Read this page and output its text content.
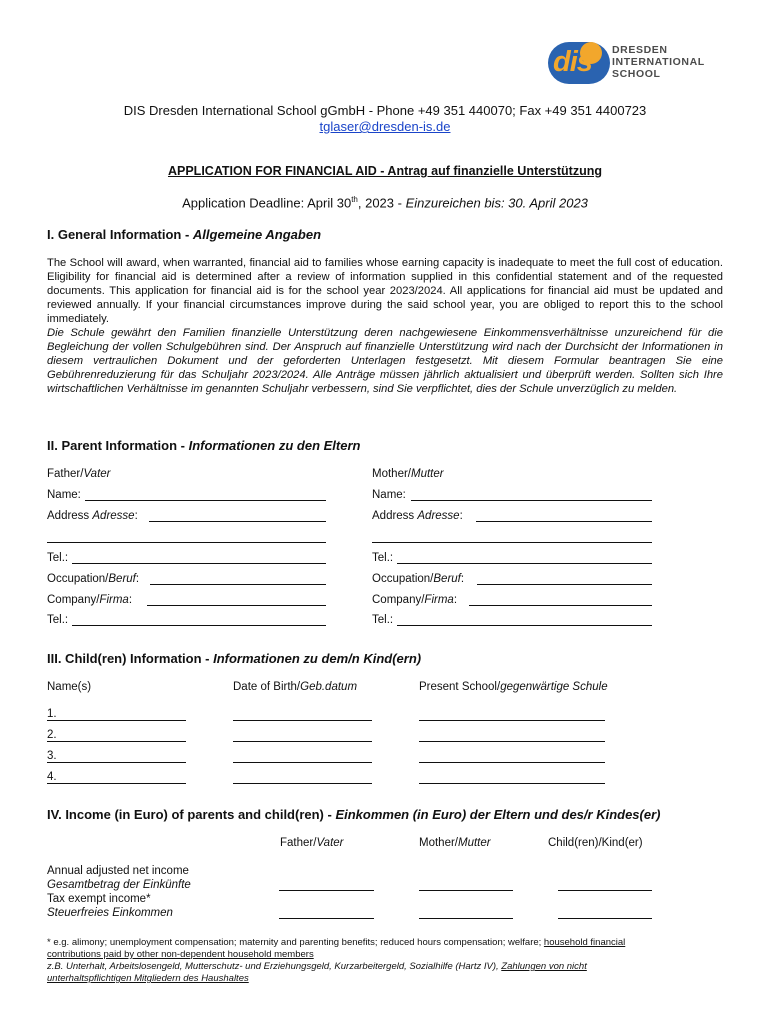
dis DRESDEN
INTERNATIONAL
SCHOOL
DIS Dresden International School gGmbH - Phone +49 351 440070; Fax +49 351 4400723
tglaser@dresden-is.de
APPLICATION FOR FINANCIAL AID - Antrag auf finanzielle Unterstützung
Application Deadline: April 30th, 2023 - Einzureichen bis: 30. April 2023
I. General Information - Allgemeine Angaben
The School will award, when warranted, financial aid to families whose earning capacity is inadequate to meet the full cost of education. Eligibility for financial aid is determined after a review of information supplied in this confidential statement and of the requested documents. This application for financial aid is for the school year 2023/2024. All applications for financial aid must be updated and reviewed annually. If your financial circumstances improve during the said school year, you are obliged to report this to the school immediately.
Die Schule gewährt den Familien finanzielle Unterstützung deren nachgewiesene Einkommensverhältnisse unzureichend für die Begleichung der vollen Schulgebühren sind. Der Anspruch auf finanzielle Unterstützung wird nach der Durchsicht der Informationen in diesem vertraulichen Dokument und der geforderten Unterlagen festgesetzt. Mit diesem Formular beantragen Sie eine Gebührenreduzierung für das Schuljahr 2023/2024. Alle Anträge müssen jährlich aktualisiert und überprüft werden. Sollten sich Ihre wirtschaftlichen Verhältnisse im genannten Schuljahr verbessern, sind Sie verpflichtet, dies der Schule unverzüglich zu melden.
II. Parent Information - Informationen zu den Eltern
Father/Vater
Name:
Address Adresse:
Tel.:
Occupation/Beruf:
Company/Firma:
Tel.:
Mother/Mutter
Name:
Address Adresse:
Tel.:
Occupation/Beruf:
Company/Firma:
Tel.:
III. Child(ren) Information - Informationen zu dem/n Kind(ern)
Name(s)	Date of Birth/Geb.datum	Present School/gegenwärtige Schule
1.
2.
3.
4.
IV. Income (in Euro) of parents and child(ren) - Einkommen (in Euro) der Eltern und des/r Kindes(er)
Father/Vater	Mother/Mutter	Child(ren)/Kind(er)
Annual adjusted net income
Gesamtbetrag der Einkünfte
Tax exempt income*
Steuerfreies Einkommen
* e.g. alimony; unemployment compensation; maternity and parenting benefits; reduced hours compensation; welfare; household financial
contributions paid by other non-dependent household members
z.B. Unterhalt, Arbeitslosengeld, Mutterschutz- und Erziehungsgeld, Kurzarbeitergeld, Sozialhilfe (Hartz IV), Zahlungen von nicht
unterhaltspflichtigen Mitgliedern des Haushaltes
